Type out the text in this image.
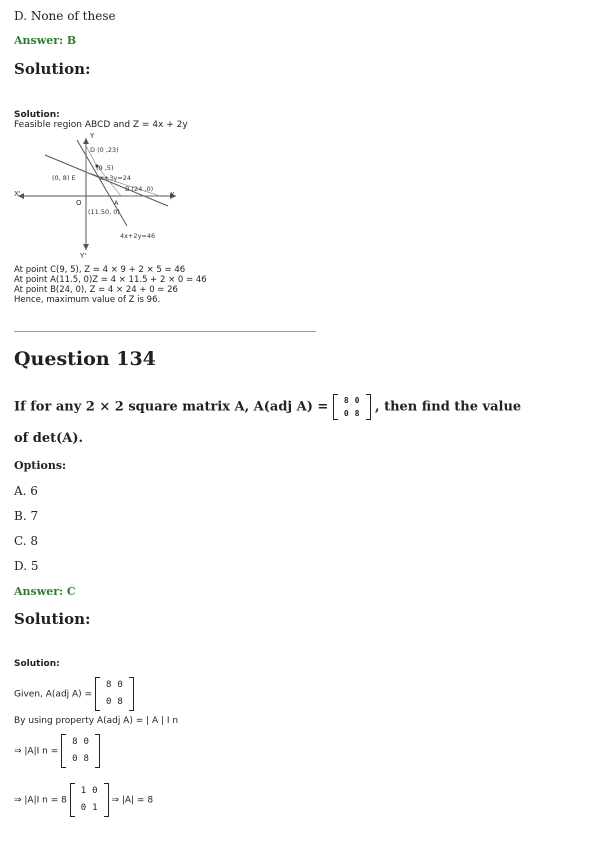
D. None of these
Answer: B
Solution:
Solution:
Feasible region ABCD and Z = 4x + 2y
Y
Y'
X
X'
O
D (0 ,23)
(9 ,5)
x+3y=24
(0, 8) E
B (24 ,0)
A
(11.50, 0)
4x+2y=46
At point C(9, 5), Z = 4 × 9 + 2 × 5 = 46
At point A(11.5, 0)Z = 4 × 11.5 + 2 × 0 = 46
At point B(24, 0), Z = 4 × 24 + 0 = 26
Hence, maximum value of Z is 96.
Question 134
If for any 2 × 2 square matrix A, A(adj A) = 8	0
0	8 , then find the value
of det(A).
Options:
A. 6
B. 7
C. 8
D. 5
Answer: C
Solution:
Solution:
Given, A(adj A) =
8	0
0	8
By using property A(adj A) = | A | I n
⇒ |A|I n =
8	0
0	8
⇒ |A|I n = 8
1	0
0	1
⇒ |A| = 8
